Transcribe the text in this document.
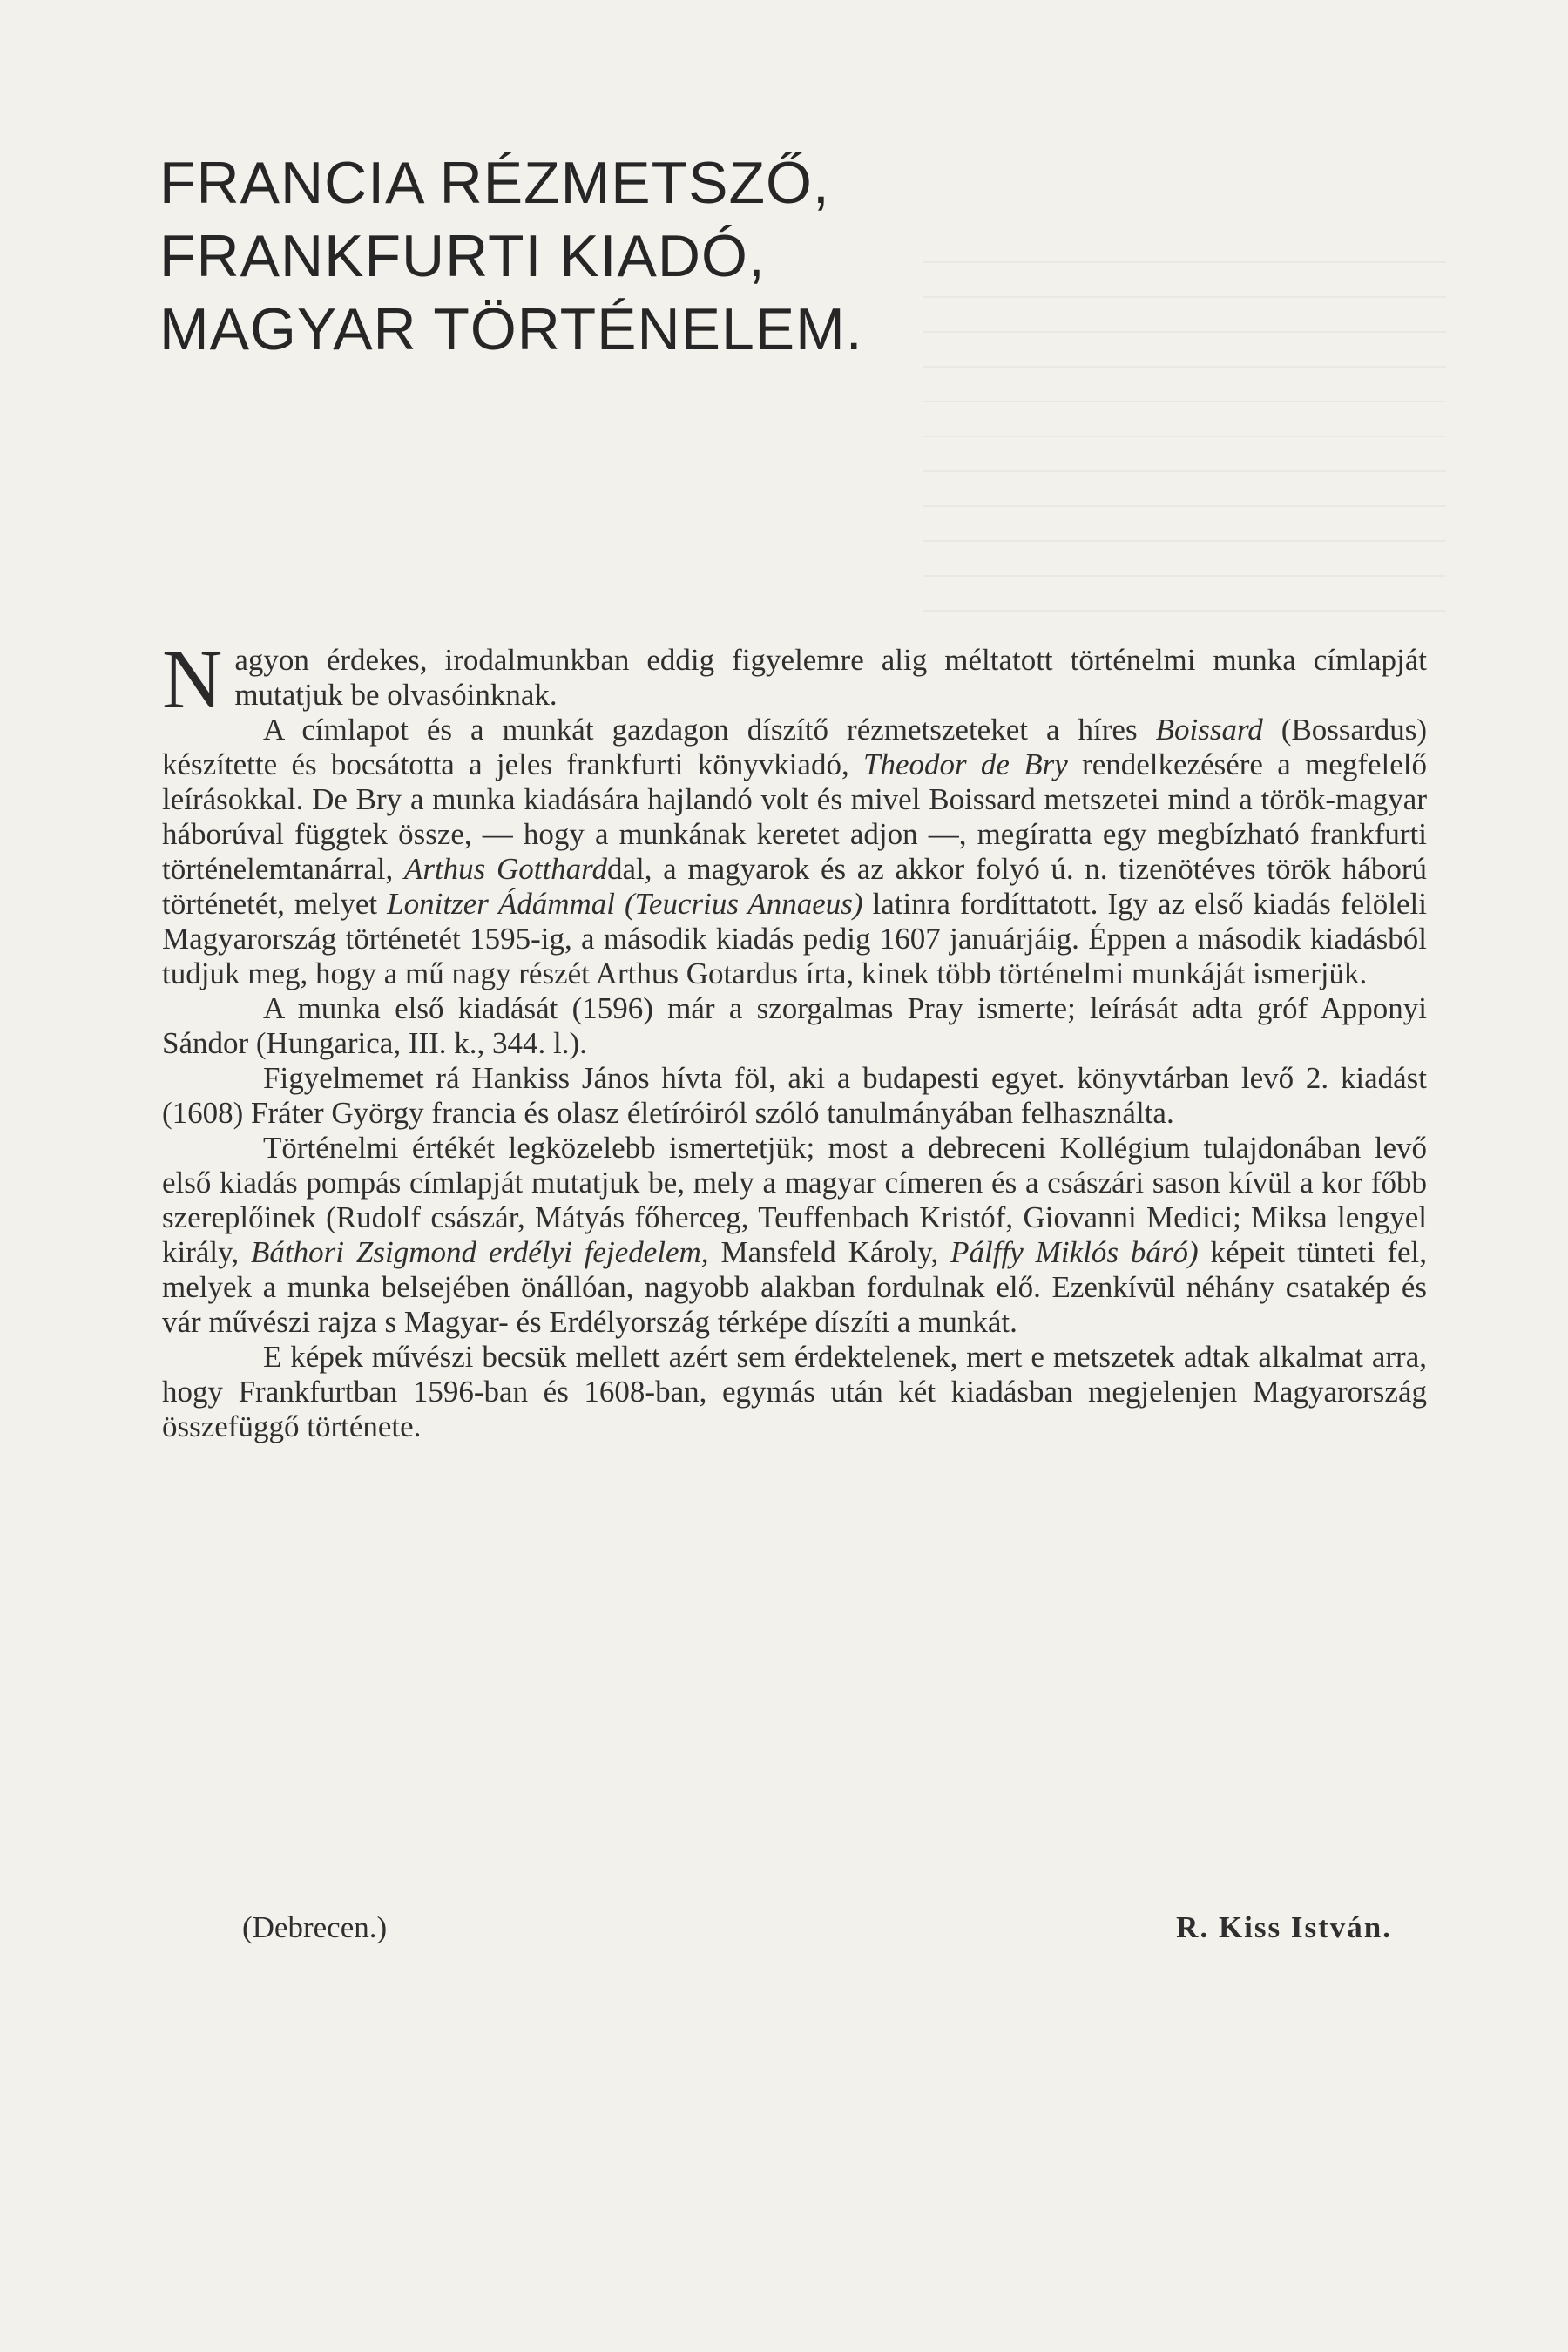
FRANCIA RÉZMETSZŐ,
FRANKFURTI KIADÓ,
MAGYAR TÖRTÉNELEM.

Nagyon érdekes, irodalmunkban eddig figyelemre alig méltatott történelmi munka címlapját mutatjuk be olvasóinknak.

A címlapot és a munkát gazdagon díszítő rézmetszeteket a híres Boissard (Bossardus) készítette és bocsátotta a jeles frankfurti könyvkiadó, Theodor de Bry rendelkezésére a megfelelő leírásokkal. De Bry a munka kiadására hajlandó volt és mivel Boissard metszetei mind a török-magyar háborúval függtek össze, — hogy a munkának keretet adjon —, megíratta egy megbízható frankfurti történelemtanárral, Arthus Gottharddal, a magyarok és az akkor folyó ú. n. tizenötéves török háború történetét, melyet Lonitzer Ádámmal (Teucrius Annaeus) latinra fordíttatott. Igy az első kiadás felöleli Magyarország történetét 1595-ig, a második kiadás pedig 1607 januárjáig. Éppen a második kiadásból tudjuk meg, hogy a mű nagy részét Arthus Gotardus írta, kinek több történelmi munkáját ismerjük.

A munka első kiadását (1596) már a szorgalmas Pray ismerte; leírását adta gróf Apponyi Sándor (Hungarica, III. k., 344. l.).

Figyelmemet rá Hankiss János hívta föl, aki a budapesti egyet. könyvtárban levő 2. kiadást (1608) Fráter György francia és olasz életíróiról szóló tanulmányában felhasználta.

Történelmi értékét legközelebb ismertetjük; most a debreceni Kollégium tulajdonában levő első kiadás pompás címlapját mutatjuk be, mely a magyar címeren és a császári sason kívül a kor főbb szereplőinek (Rudolf császár, Mátyás főherceg, Teuffenbach Kristóf, Giovanni Medici; Miksa lengyel király, Báthori Zsigmond erdélyi fejedelem, Mansfeld Károly, Pálffy Miklós báró) képeit tünteti fel, melyek a munka belsejében önállóan, nagyobb alakban fordulnak elő. Ezenkívül néhány csatakép és vár művészi rajza s Magyar- és Erdélyország térképe díszíti a munkát.

E képek művészi becsük mellett azért sem érdektelenek, mert e metszetek adtak alkalmat arra, hogy Frankfurtban 1596-ban és 1608-ban, egymás után két kiadásban megjelenjen Magyarország összefüggő története.

(Debrecen.)	R. Kiss István.
